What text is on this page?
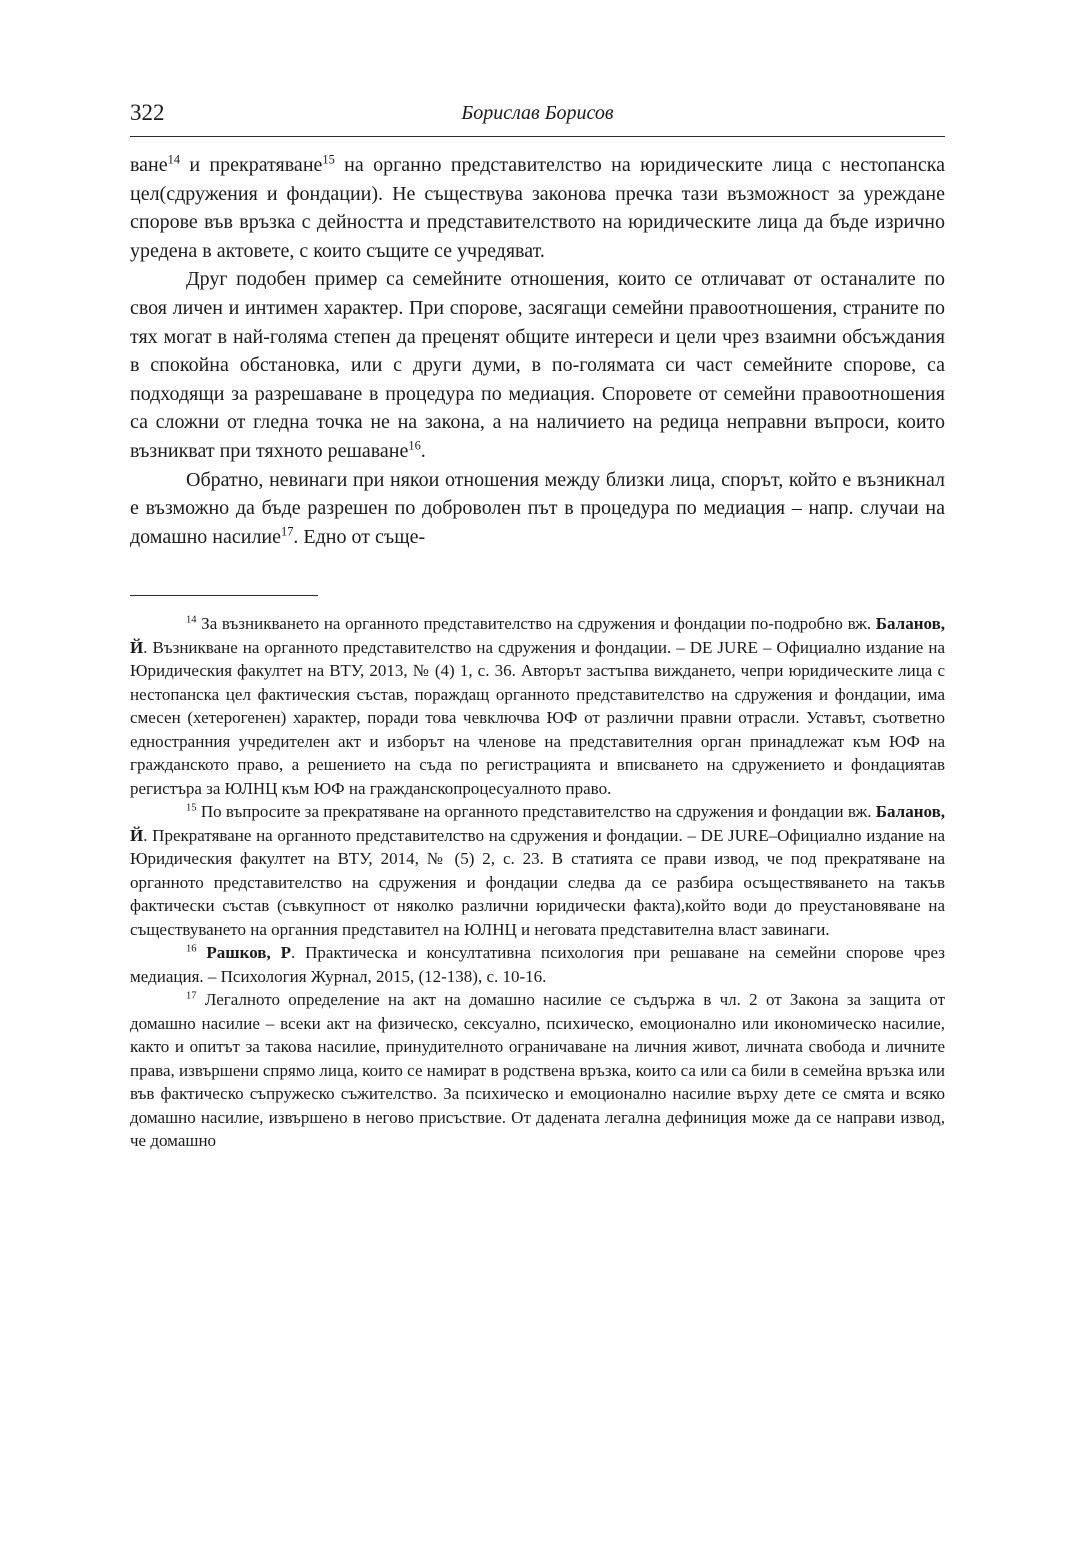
322	Борислав Борисов

ване$^{14}$ и прекратяване$^{15}$ на органно представителство на юридическите лица с нестопанска цел(сдружения и фондации). Не съществува законова пречка тази възможност за уреждане спорове във връзка с дейността и представителството на юридическите лица да бъде изрично уредена в актовете, с които същите се учредяват.

Друг подобен пример са семейните отношения, които се отличават от останалите по своя личен и интимен характер. При спорове, засягащи семейни правоотношения, страните по тях могат в най-голяма степен да преценят общите интереси и цели чрез взаимни обсъждания в спокойна обстановка, или с други думи, в по-голямата си част семейните спорове, са подходящи за разрешаване в процедура по медиация. Споровете от семейни правоотношения са сложни от гледна точка не на закона, а на наличието на редица неправни въпроси, които възникват при тяхното решаване$^{16}$.

Обратно, невинаги при някои отношения между близки лица, спорът, който е възникнал е възможно да бъде разрешен по доброволен път в процедура по медиация – напр. случаи на домашно насилие$^{17}$. Едно от съще-

$^{14}$ За възникването на органното представителство на сдружения и фондации по-подробно вж. Баланов, Й. Възникване на органното представителство на сдружения и фондации. – DE JURE – Официално издание на Юридическия факултет на ВТУ, 2013, № (4) 1, с. 36. Авторът застъпва виждането, чепри юридическите лица с нестопанска цел фактическия състав, пораждащ органното представителство на сдружения и фондации, има смесен (хетерогенен) характер, поради това чевключва ЮФ от различни правни отрасли. Уставът, съответно едностранния учредителен акт и изборът на членове на представителния орган принадлежат към ЮФ на гражданското право, а решението на съда по регистрацията и вписването на сдружението и фондациятав регистъра за ЮЛНЦ към ЮФ на гражданскопроцесуалното право.

$^{15}$ По въпросите за прекратяване на органното представителство на сдружения и фондации вж. Баланов, Й. Прекратяване на органното представителство на сдружения и фондации. – DE JURE–Официално издание на Юридическия факултет на ВТУ, 2014, № (5) 2, с. 23. В статията се прави извод, че под прекратяване на органното представителство на сдружения и фондации следва да се разбира осъществяването на такъв фактически състав (съвкупност от няколко различни юридически факта),който води до преустановяване на съществуването на органния представител на ЮЛНЦ и неговата представителна власт завинаги.

$^{16}$ Рашков, Р. Практическа и консултативна психология при решаване на семейни спорове чрез медиация. – Психология Журнал, 2015, (12-138), с. 10-16.

$^{17}$ Легалното определение на акт на домашно насилие се съдържа в чл. 2 от Закона за защита от домашно насилие – всеки акт на физическо, сексуално, психическо, емоционално или икономическо насилие, както и опитът за такова насилие, принудителното ограничаване на личния живот, личната свобода и личните права, извършени спрямо лица, които се намират в родствена връзка, които са или са били в семейна връзка или във фактическо съпружеско съжителство. За психическо и емоционално насилие върху дете се смята и всяко домашно насилие, извършено в негово присъствие. От дадената легална дефиниция може да се направи извод, че домашно
